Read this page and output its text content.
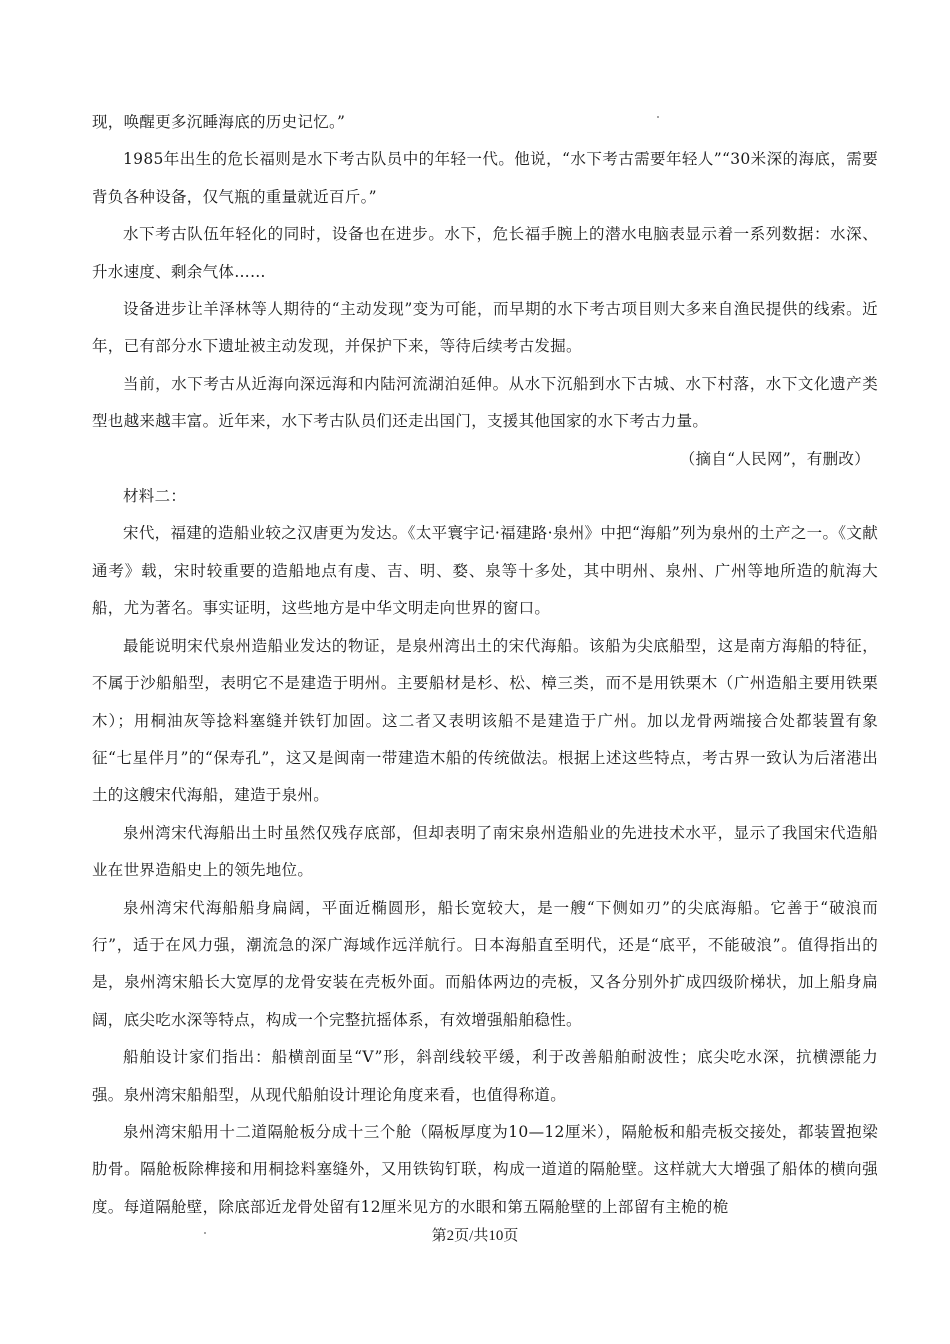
现，唤醒更多沉睡海底的历史记忆。”

1985年出生的危长福则是水下考古队员中的年轻一代。他说，“水下考古需要年轻人”“30米深的海底，需要背负各种设备，仅气瓶的重量就近百斤。”

水下考古队伍年轻化的同时，设备也在进步。水下，危长福手腕上的潜水电脑表显示着一系列数据：水深、升水速度、剩余气体……

设备进步让羊泽林等人期待的“主动发现”变为可能，而早期的水下考古项目则大多来自渔民提供的线索。近年，已有部分水下遗址被主动发现，并保护下来，等待后续考古发掘。

当前，水下考古从近海向深远海和内陆河流湖泊延伸。从水下沉船到水下古城、水下村落，水下文化遗产类型也越来越丰富。近年来，水下考古队员们还走出国门，支援其他国家的水下考古力量。

（摘自“人民网”，有删改）

材料二：

宋代，福建的造船业较之汉唐更为发达。《太平寰宇记·福建路·泉州》中把“海船”列为泉州的土产之一。《文献通考》载，宋时较重要的造船地点有虔、吉、明、婺、泉等十多处，其中明州、泉州、广州等地所造的航海大船，尤为著名。事实证明，这些地方是中华文明走向世界的窗口。

最能说明宋代泉州造船业发达的物证，是泉州湾出土的宋代海船。该船为尖底船型，这是南方海船的特征，不属于沙船船型，表明它不是建造于明州。主要船材是杉、松、樟三类，而不是用铁栗木（广州造船主要用铁栗木）；用桐油灰等捻料塞缝并铁钉加固。这二者又表明该船不是建造于广州。加以龙骨两端接合处都装置有象征“七星伴月”的“保寿孔”，这又是闽南一带建造木船的传统做法。根据上述这些特点，考古界一致认为后渚港出土的这艘宋代海船，建造于泉州。

泉州湾宋代海船出土时虽然仅残存底部，但却表明了南宋泉州造船业的先进技术水平，显示了我国宋代造船业在世界造船史上的领先地位。

泉州湾宋代海船船身扁阔，平面近椭圆形，船长宽较大，是一艘“下侧如刃”的尖底海船。它善于“破浪而行”，适于在风力强，潮流急的深广海域作远洋航行。日本海船直至明代，还是“底平，不能破浪”。值得指出的是，泉州湾宋船长大宽厚的龙骨安装在壳板外面。而船体两边的壳板，又各分别外扩成四级阶梯状，加上船身扁阔，底尖吃水深等特点，构成一个完整抗摇体系，有效增强船舶稳性。

船舶设计家们指出：船横剖面呈“V”形，斜剖线较平缓，利于改善船舶耐波性；底尖吃水深，抗横漂能力强。泉州湾宋船船型，从现代船舶设计理论角度来看，也值得称道。

泉州湾宋船用十二道隔舱板分成十三个舱（隔板厚度为10—12厘米），隔舱板和船壳板交接处，都装置抱梁肋骨。隔舱板除榫接和用桐捻料塞缝外，又用铁钩钉联，构成一道道的隔舱壁。这样就大大增强了船体的横向强度。每道隔舱壁，除底部近龙骨处留有12厘米见方的水眼和第五隔舱壁的上部留有主桅的桅

第2页/共10页
